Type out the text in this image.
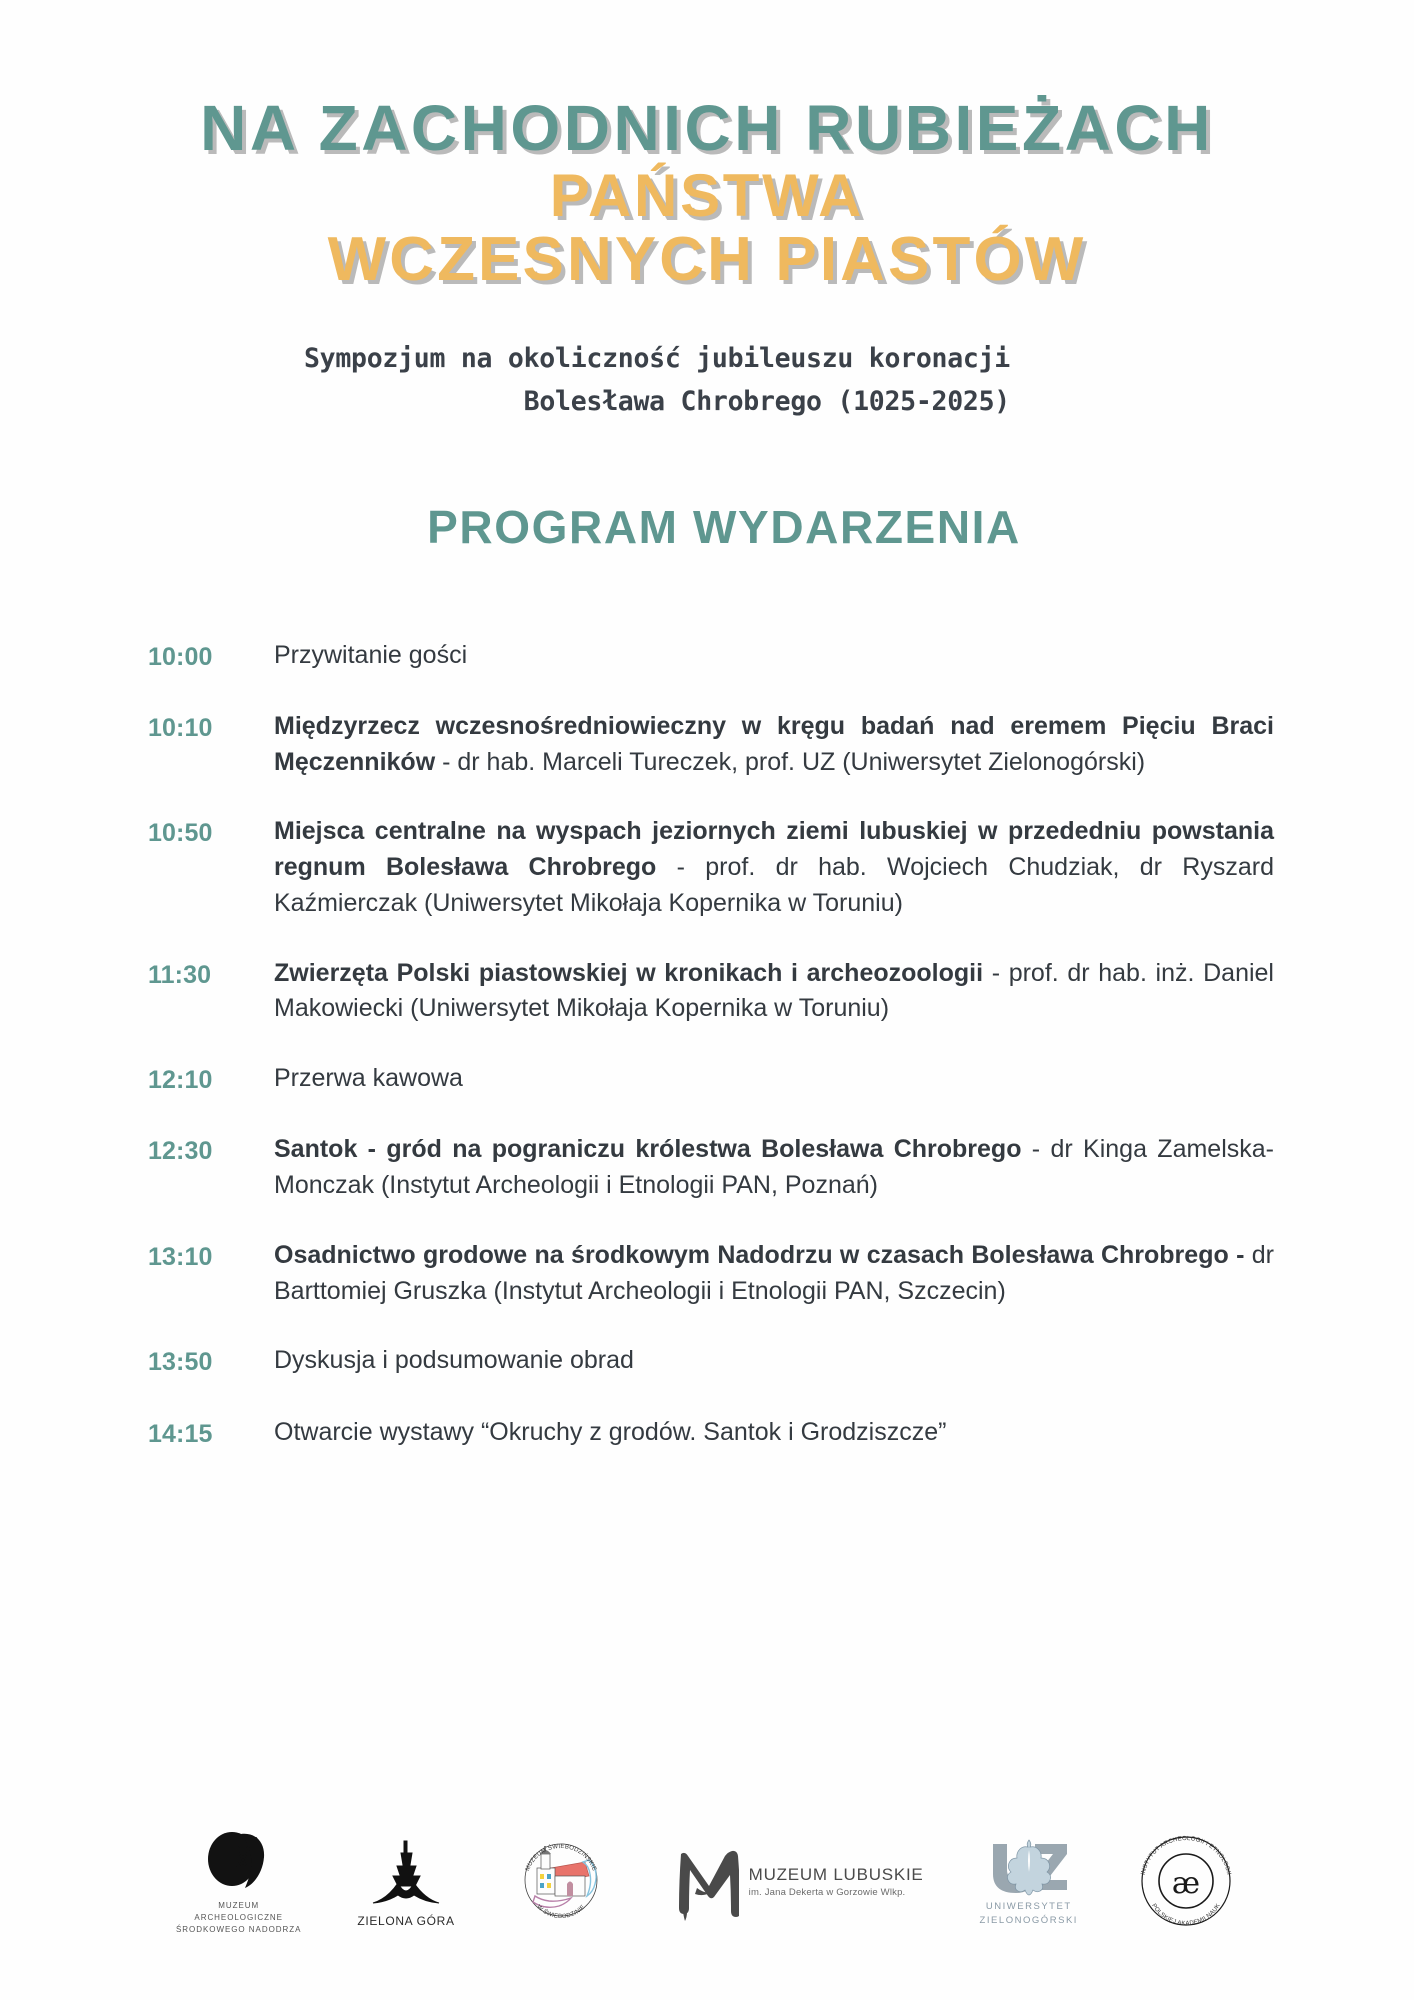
NA ZACHODNICH RUBIEŻACH
PAŃSTWA
WCZESNYCH PIASTÓW
Sympozjum na okoliczność jubileuszu koronacji
Bolesława Chrobrego (1025-2025)
PROGRAM WYDARZENIA
10:00	Przywitanie gości
10:10	Międzyrzecz wczesnośredniowieczny w kręgu badań nad eremem Pięciu Braci Męczenników - dr hab. Marceli Tureczek, prof. UZ (Uniwersytet Zielonogórski)
10:50	Miejsca centralne na wyspach jeziornych ziemi lubuskiej w przededniu powstania regnum Bolesława Chrobrego - prof. dr hab. Wojciech Chudziak, dr Ryszard Kaźmierczak (Uniwersytet Mikołaja Kopernika w Toruniu)
11:30	Zwierzęta Polski piastowskiej w kronikach i archeozoologii - prof. dr hab. inż. Daniel Makowiecki (Uniwersytet Mikołaja Kopernika w Toruniu)
12:10	Przerwa kawowa
12:30	Santok - gród na pograniczu królestwa Bolesława Chrobrego - dr Kinga Zamelska-Monczak (Instytut Archeologii i Etnologii PAN, Poznań)
13:10	Osadnictwo grodowe na środkowym Nadodrzu w czasach Bolesława Chrobrego - dr Barttomiej Gruszka (Instytut Archeologii i Etnologii PAN, Szczecin)
13:50	Dyskusja i podsumowanie obrad
14:15	Otwarcie wystawy “Okruchy z grodów. Santok i Grodziszcze”
MUZEUM
ARCHEOLOGICZNE
ŚRODKOWEGO NADODRZA
ZIELONA GÓRA
MUZEUM ŚWIEBODZIŃSKIE
W ŚWIEBODZINIE
MUZEUM LUBUSKIE
im. Jana Dekerta w Gorzowie Wlkp.
UNIWERSYTET
ZIELONOGÓRSKI
æ
INSTYTUT ARCHEOLOGII I ETNOLOGII
POLSKIEJ AKADEMII NAUK
